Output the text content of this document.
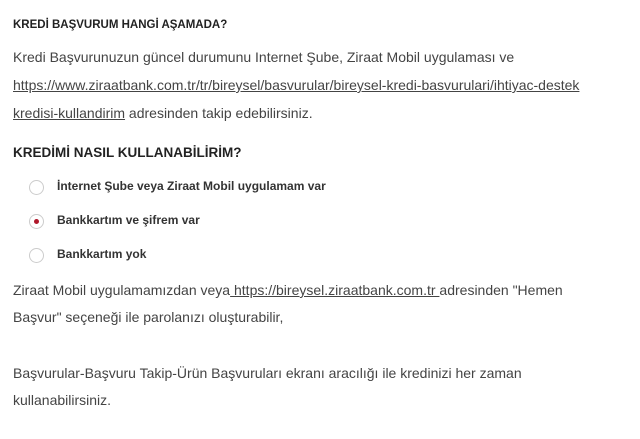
KREDİ BAŞVURUM HANGİ AŞAMADA?
Kredi Başvurunuzun güncel durumunu Internet Şube, Ziraat Mobil uygulaması ve
https://www.ziraatbank.com.tr/tr/bireysel/basvurular/bireysel-kredi-basvurulari/ihtiyac-destek
kredisi-kullandirim adresinden takip edebilirsiniz.
KREDİMİ NASIL KULLANABİLİRİM?
İnternet Şube veya Ziraat Mobil uygulamam var
Bankkartım ve şifrem var
Bankkartım yok
Ziraat Mobil uygulamamızdan veya https://bireysel.ziraatbank.com.tr adresinden "Hemen
Başvur" seçeneği ile parolanızı oluşturabilir,
Başvurular-Başvuru Takip-Ürün Başvuruları ekranı aracılığı ile kredinizi her zaman
kullanabilirsiniz.
